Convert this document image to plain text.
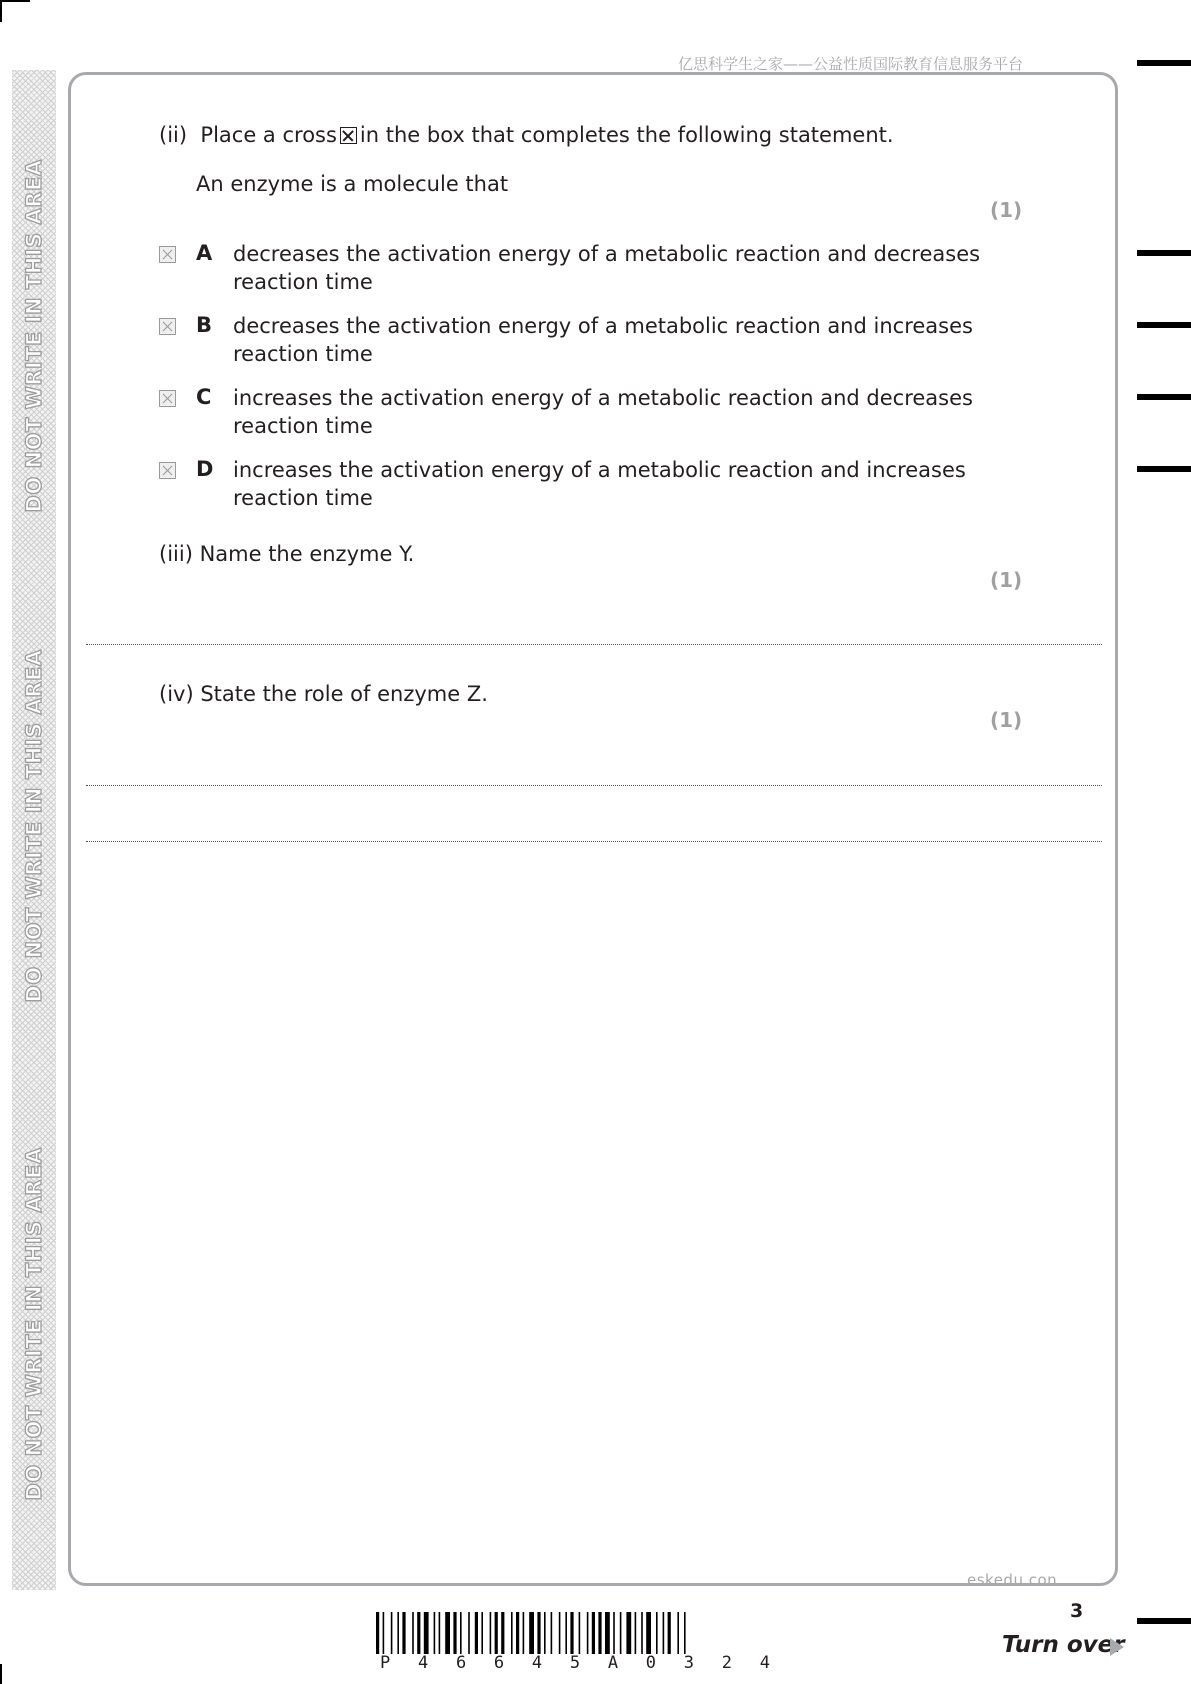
DO NOT WRITE IN THIS AREA
DO NOT WRITE IN THIS AREA
DO NOT WRITE IN THIS AREA
亿思科学生之家——公益性质国际教育信息服务平台
(ii) Place a cross in the box that completes the following statement.
An enzyme is a molecule that
(1)
A decreases the activation energy of a metabolic reaction and decreases
reaction time
B decreases the activation energy of a metabolic reaction and increases
reaction time
C increases the activation energy of a metabolic reaction and decreases
reaction time
D increases the activation energy of a metabolic reaction and increases
reaction time
(iii) Name the enzyme Y.
(1)
(iv) State the role of enzyme Z.
(1)
eskedu.con
3
P 4 6 6 4 5 A 0 3 2 4
Turn over
